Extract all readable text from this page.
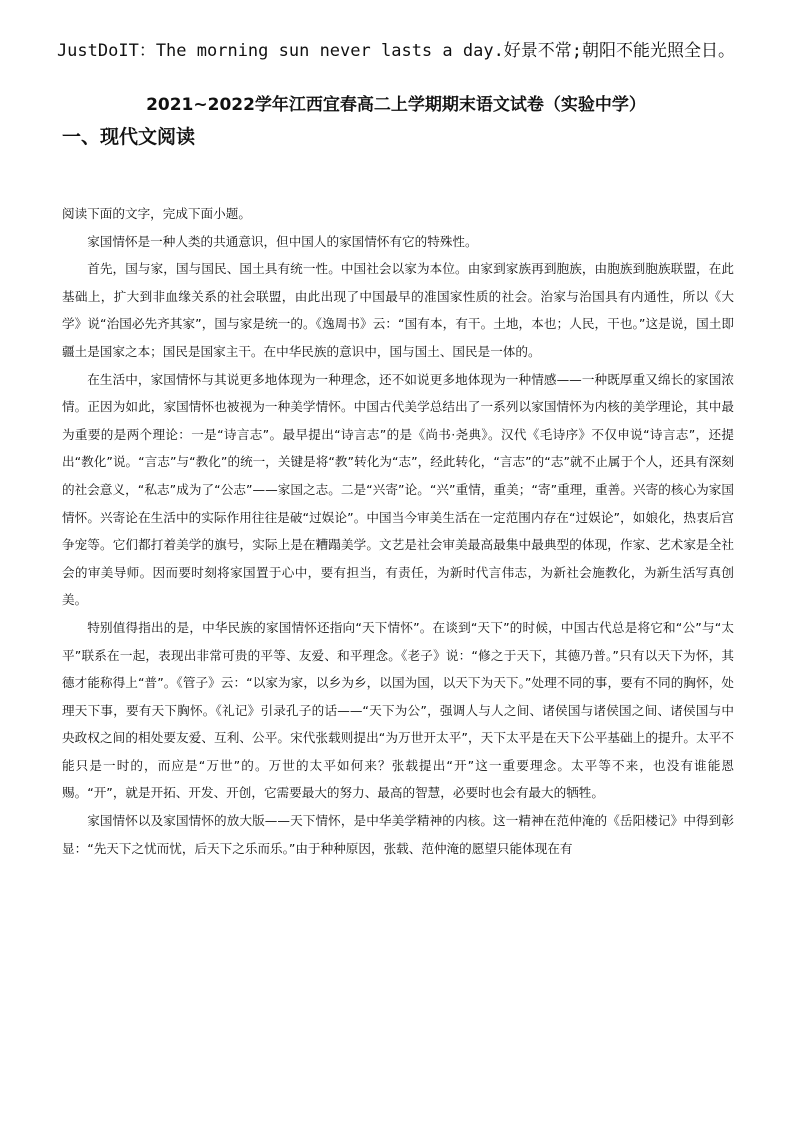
JustDoIT：The morning sun never lasts a day.好景不常;朝阳不能光照全日。
2021~2022学年江西宜春高二上学期期末语文试卷（实验中学）
一、现代文阅读

阅读下面的文字，完成下面小题。

家国情怀是一种人类的共通意识，但中国人的家国情怀有它的特殊性。

首先，国与家，国与国民、国土具有统一性。中国社会以家为本位。由家到家族再到胞族，由胞族到胞族联盟，在此基础上，扩大到非血缘关系的社会联盟，由此出现了中国最早的准国家性质的社会。治家与治国具有内通性，所以《大学》说“治国必先齐其家”，国与家是统一的。《逸周书》云：“国有本，有干。土地，本也；人民，干也。”这是说，国土即疆土是国家之本；国民是国家主干。在中华民族的意识中，国与国土、国民是一体的。

在生活中，家国情怀与其说更多地体现为一种理念，还不如说更多地体现为一种情感——一种既厚重又绵长的家国浓情。正因为如此，家国情怀也被视为一种美学情怀。中国古代美学总结出了一系列以家国情怀为内核的美学理论，其中最为重要的是两个理论：一是“诗言志”。最早提出“诗言志”的是《尚书·尧典》。汉代《毛诗序》不仅申说“诗言志”，还提出“教化”说。“言志”与“教化”的统一，关键是将“教”转化为“志”，经此转化，“言志”的“志”就不止属于个人，还具有深刻的社会意义，“私志”成为了“公志”——家国之志。二是“兴寄”论。“兴”重情，重美；“寄”重理，重善。兴寄的核心为家国情怀。兴寄论在生活中的实际作用往往是破“过娱论”。中国当今审美生活在一定范围内存在“过娱论”，如娘化，热衷后宫争宠等。它们都打着美学的旗号，实际上是在糟蹋美学。文艺是社会审美最高最集中最典型的体现，作家、艺术家是全社会的审美导师。因而要时刻将家国置于心中，要有担当，有责任，为新时代言伟志，为新社会施教化，为新生活写真创美。

特别值得指出的是，中华民族的家国情怀还指向“天下情怀”。在谈到“天下”的时候，中国古代总是将它和“公”与“太平”联系在一起，表现出非常可贵的平等、友爱、和平理念。《老子》说：“修之于天下，其德乃普。”只有以天下为怀，其德才能称得上“普”。《管子》云：“以家为家，以乡为乡，以国为国，以天下为天下。”处理不同的事，要有不同的胸怀，处理天下事，要有天下胸怀。《礼记》引录孔子的话——“天下为公”，强调人与人之间、诸侯国与诸侯国之间、诸侯国与中央政权之间的相处要友爱、互利、公平。宋代张载则提出“为万世开太平”，天下太平是在天下公平基础上的提升。太平不能只是一时的，而应是“万世”的。万世的太平如何来？张载提出“开”这一重要理念。太平等不来，也没有谁能恩赐。“开”，就是开拓、开发、开创，它需要最大的努力、最高的智慧，必要时也会有最大的牺牲。

家国情怀以及家国情怀的放大版——天下情怀，是中华美学精神的内核。这一精神在范仲淹的《岳阳楼记》中得到彰显：“先天下之忧而忧，后天下之乐而乐。”由于种种原因，张载、范仲淹的愿望只能体现在有
